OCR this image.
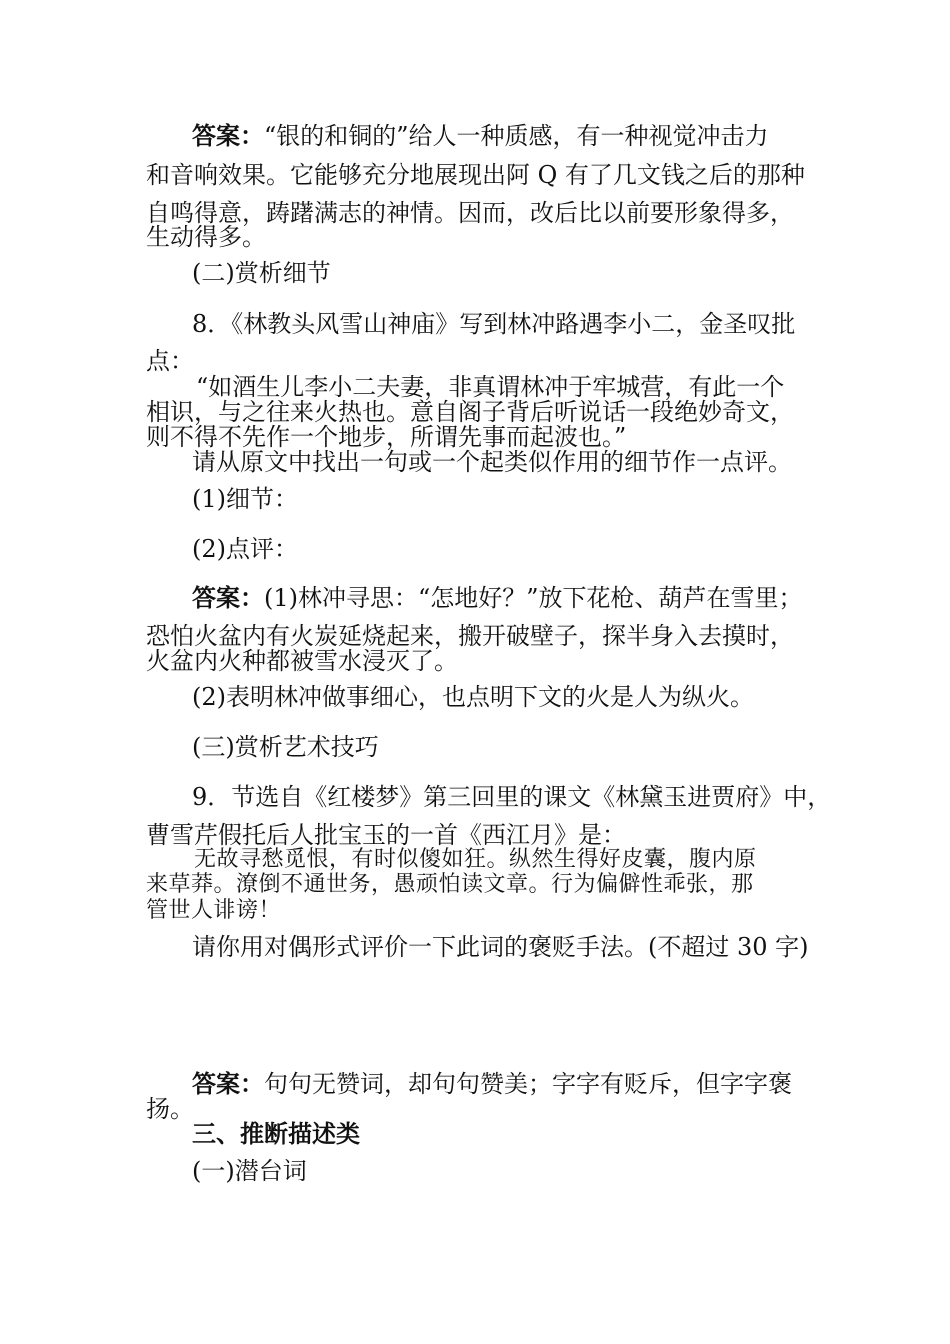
答案：“银的和铜的”给人一种质感，有一种视觉冲击力

和音响效果。它能够充分地展现出阿 Q 有了几文钱之后的那种

自鸣得意，踌躇满志的神情。因而，改后比以前要形象得多，

生动得多。

(二)赏析细节

8．《林教头风雪山神庙》写到林冲路遇李小二，金圣叹批

点：

“如酒生儿李小二夫妻，非真谓林冲于牢城营，有此一个

相识，与之往来火热也。意自阁子背后听说话一段绝妙奇文，

则不得不先作一个地步，所谓先事而起波也。”

请从原文中找出一句或一个起类似作用的细节作一点评。

(1)细节：

(2)点评：

答案：(1)林冲寻思：“怎地好？”放下花枪、葫芦在雪里；

恐怕火盆内有火炭延烧起来，搬开破壁子，探半身入去摸时，

火盆内火种都被雪水浸灭了。

(2)表明林冲做事细心，也点明下文的火是人为纵火。

(三)赏析艺术技巧

9．节选自《红楼梦》第三回里的课文《林黛玉进贾府》中，

曹雪芹假托后人批宝玉的一首《西江月》是：

无故寻愁觅恨，有时似傻如狂。纵然生得好皮囊，腹内原

来草莽。潦倒不通世务，愚顽怕读文章。行为偏僻性乖张，那

管世人诽谤！

请你用对偶形式评价一下此词的褒贬手法。(不超过 30 字)

答案：句句无赞词，却句句赞美；字字有贬斥，但字字褒

扬。

三、推断描述类

(一)潜台词
